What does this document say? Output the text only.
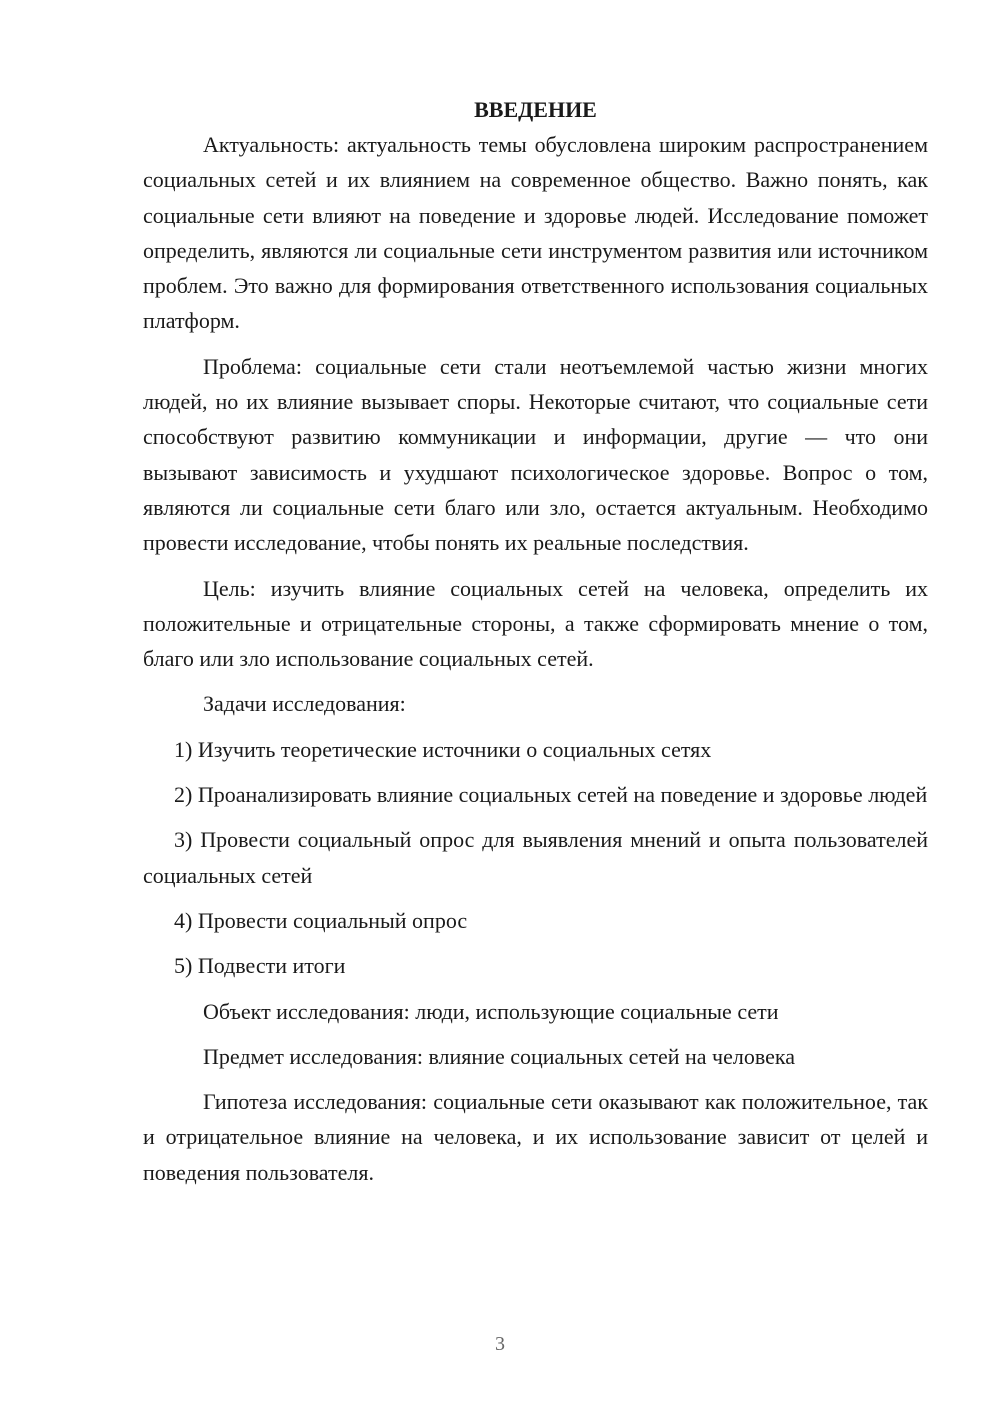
ВВЕДЕНИЕ

Актуальность: актуальность темы обусловлена широким распространением социальных сетей и их влиянием на современное общество. Важно понять, как социальные сети влияют на поведение и здоровье людей. Исследование поможет определить, являются ли социальные сети инструментом развития или источником проблем. Это важно для формирования ответственного использования социальных платформ.

Проблема: социальные сети стали неотъемлемой частью жизни многих людей, но их влияние вызывает споры. Некоторые считают, что социальные сети способствуют развитию коммуникации и информации, другие — что они вызывают зависимость и ухудшают психологическое здоровье. Вопрос о том, являются ли социальные сети благо или зло, остается актуальным. Необходимо провести исследование, чтобы понять их реальные последствия.

Цель: изучить влияние социальных сетей на человека, определить их положительные и отрицательные стороны, а также сформировать мнение о том, благо или зло использование социальных сетей.

Задачи исследования:

1) Изучить теоретические источники о социальных сетях

2) Проанализировать влияние социальных сетей на поведение и здоровье людей

3) Провести социальный опрос для выявления мнений и опыта пользователей социальных сетей

4) Провести социальный опрос

5) Подвести итоги

Объект исследования: люди, использующие социальные сети

Предмет исследования: влияние социальных сетей на человека

Гипотеза исследования: социальные сети оказывают как положительное, так и отрицательное влияние на человека, и их использование зависит от целей и поведения пользователя.

3
